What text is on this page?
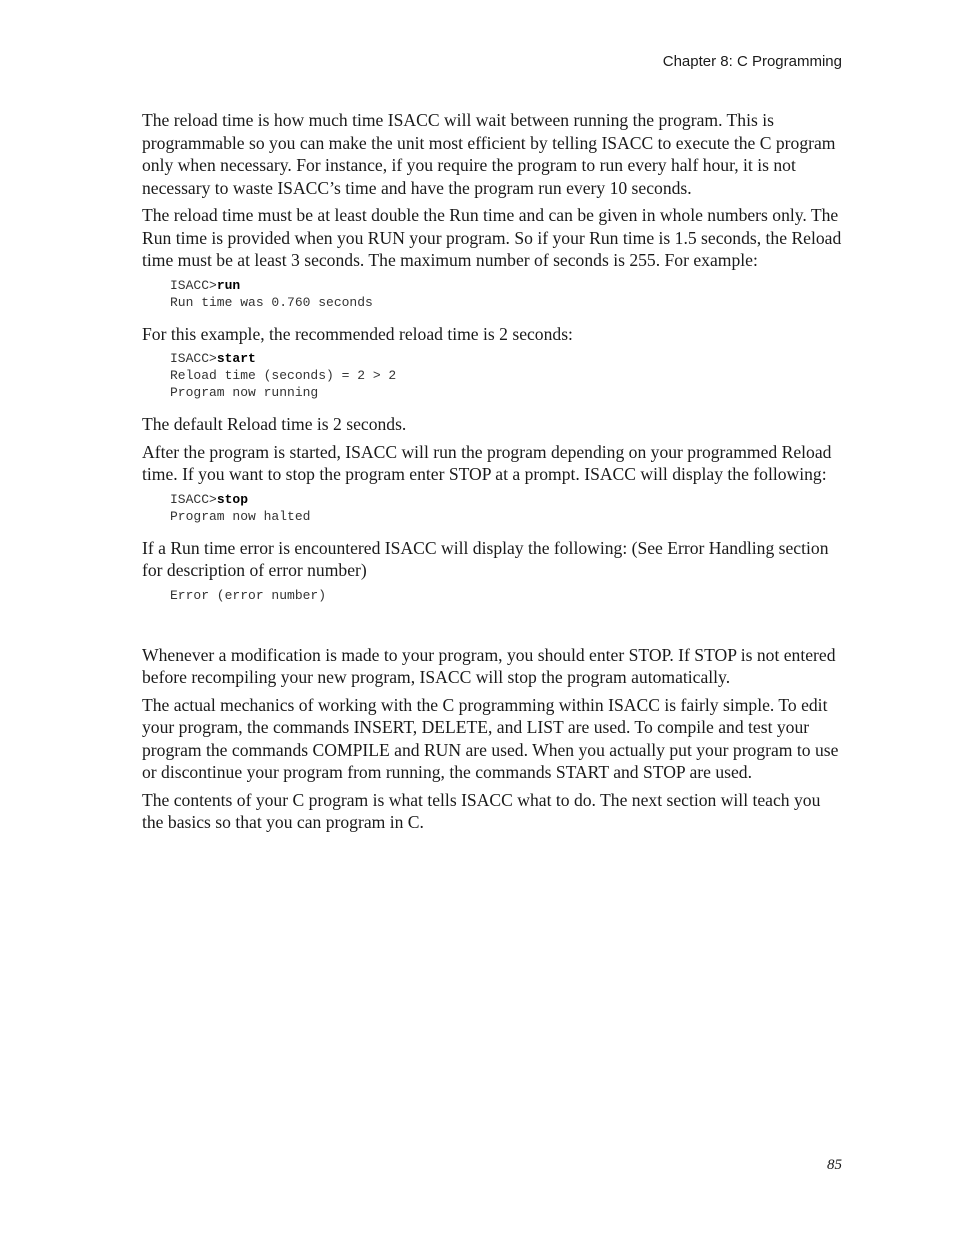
Chapter 8: C Programming

The reload time is how much time ISACC will wait between running the program. This is programmable so you can make the unit most efficient by telling ISACC to execute the C program only when necessary. For instance, if you require the program to run every half hour, it is not necessary to waste ISACC’s time and have the program run every 10 seconds.

The reload time must be at least double the Run time and can be given in whole numbers only. The Run time is provided when you RUN your program. So if your Run time is 1.5 seconds, the Reload time must be at least 3 seconds. The maximum number of seconds is 255. For example:

ISACC>run
Run time was 0.760 seconds

For this example, the recommended reload time is 2 seconds:

ISACC>start
Reload time (seconds) = 2 > 2
Program now running

The default Reload time is 2 seconds.

After the program is started, ISACC will run the program depending on your programmed Reload time. If you want to stop the program enter STOP at a prompt. ISACC will display the following:

ISACC>stop
Program now halted

If a Run time error is encountered ISACC will display the following: (See Error Handling section for description of error number)

Error (error number)

Whenever a modification is made to your program, you should enter STOP. If STOP is not entered before recompiling your new program, ISACC will stop the program automatically.

The actual mechanics of working with the C programming within ISACC is fairly simple. To edit your program, the commands INSERT, DELETE, and LIST are used. To compile and test your program the commands COMPILE and RUN are used. When you actually put your program to use or discontinue your program from running, the commands START and STOP are used.

The contents of your C program is what tells ISACC what to do. The next section will teach you the basics so that you can program in C.

85
